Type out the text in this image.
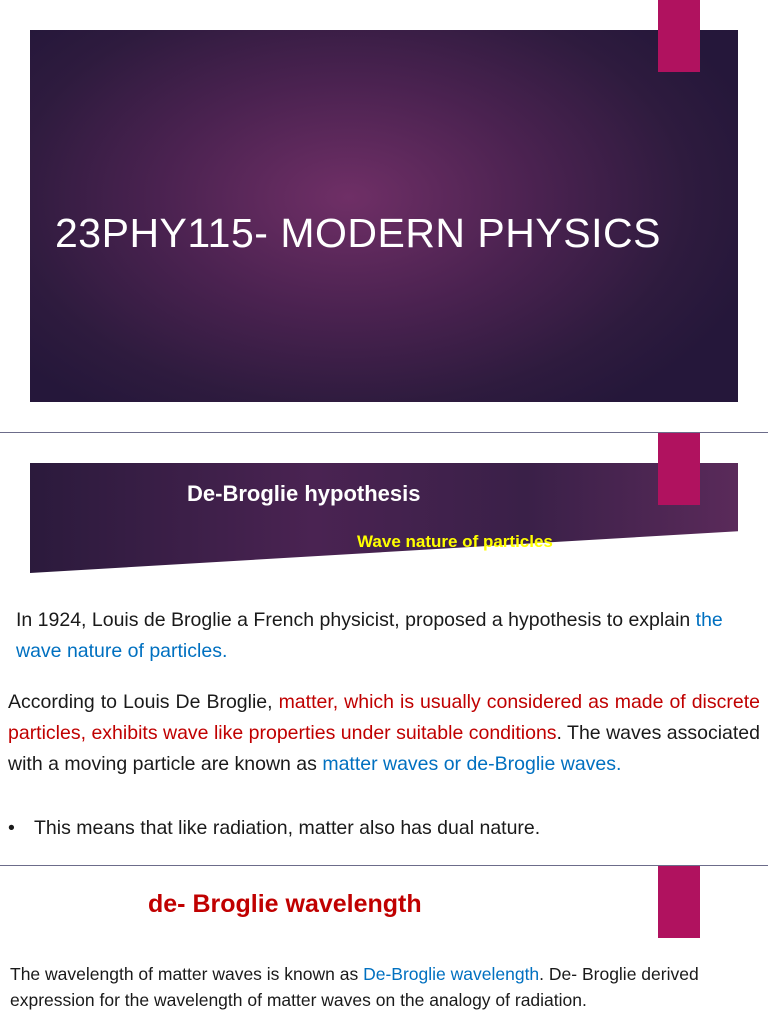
23PHY115- MODERN PHYSICS
De-Broglie hypothesis
Wave nature of particles
In 1924, Louis de Broglie a French physicist, proposed a hypothesis to explain the wave nature of particles.
According to Louis De Broglie, matter, which is usually considered as made of discrete particles, exhibits wave like properties under suitable conditions. The waves associated with a moving particle are known as matter waves or de-Broglie waves.
• This means that like radiation, matter also has dual nature.
de- Broglie wavelength
The wavelength of matter waves is known as De-Broglie wavelength. De- Broglie derived expression for the wavelength of matter waves on the analogy of radiation.
